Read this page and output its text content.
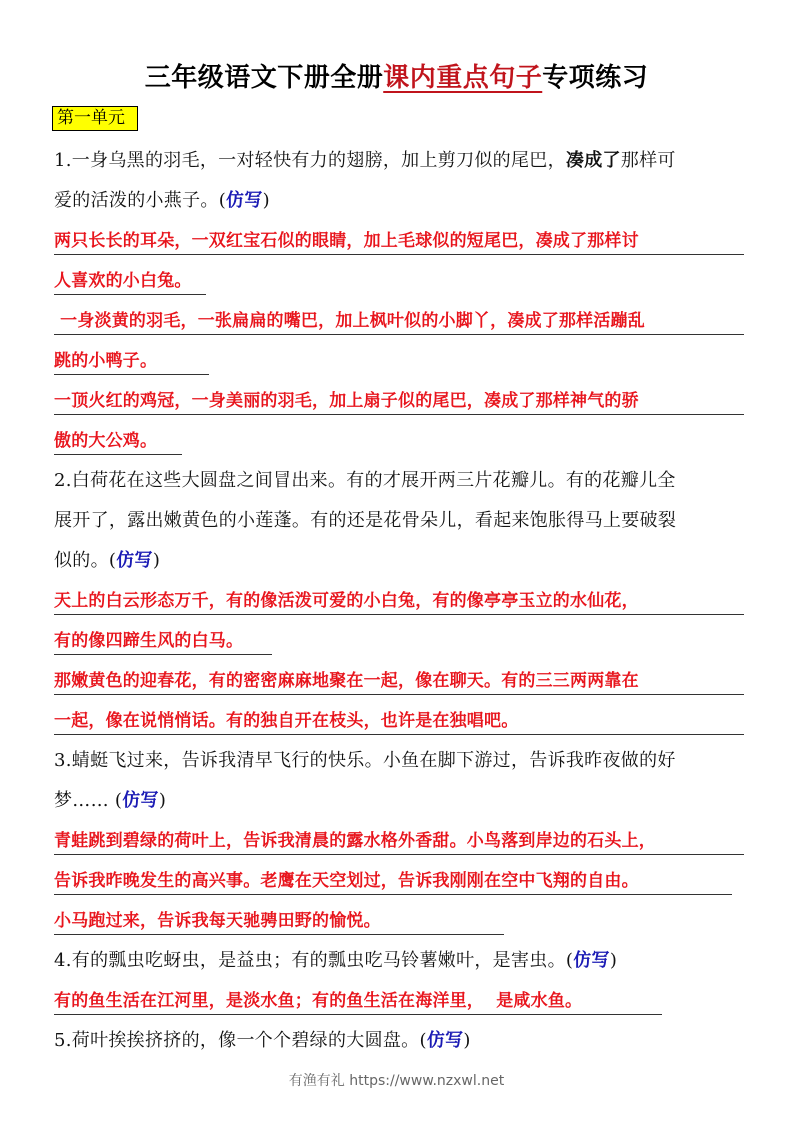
三年级语文下册全册课内重点句子专项练习
第一单元
1.一身乌黑的羽毛，一对轻快有力的翅膀，加上剪刀似的尾巴，凑成了那样可
爱的活泼的小燕子。(仿写)
两只长长的耳朵，一双红宝石似的眼睛，加上毛球似的短尾巴，凑成了那样讨
人喜欢的小白兔。
一身淡黄的羽毛，一张扁扁的嘴巴，加上枫叶似的小脚丫，凑成了那样活蹦乱
跳的小鸭子。
一顶火红的鸡冠，一身美丽的羽毛，加上扇子似的尾巴，凑成了那样神气的骄
傲的大公鸡。
2.白荷花在这些大圆盘之间冒出来。有的才展开两三片花瓣儿。有的花瓣儿全
展开了，露出嫩黄色的小莲蓬。有的还是花骨朵儿，看起来饱胀得马上要破裂
似的。(仿写)
天上的白云形态万千，有的像活泼可爱的小白兔，有的像亭亭玉立的水仙花，
有的像四蹄生风的白马。
那嫩黄色的迎春花，有的密密麻麻地聚在一起，像在聊天。有的三三两两靠在
一起，像在说悄悄话。有的独自开在枝头，也许是在独唱吧。
3.蜻蜓飞过来，告诉我清早飞行的快乐。小鱼在脚下游过，告诉我昨夜做的好
梦…… (仿写)
青蛙跳到碧绿的荷叶上，告诉我清晨的露水格外香甜。小鸟落到岸边的石头上，
告诉我昨晚发生的高兴事。老鹰在天空划过，告诉我刚刚在空中飞翔的自由。
小马跑过来，告诉我每天驰骋田野的愉悦。
4.有的瓢虫吃蚜虫，是益虫；有的瓢虫吃马铃薯嫩叶，是害虫。(仿写)
有的鱼生活在江河里，是淡水鱼；有的鱼生活在海洋里，  是咸水鱼。
5.荷叶挨挨挤挤的，像一个个碧绿的大圆盘。(仿写)
有渔有礼 https://www.nzxwl.net
